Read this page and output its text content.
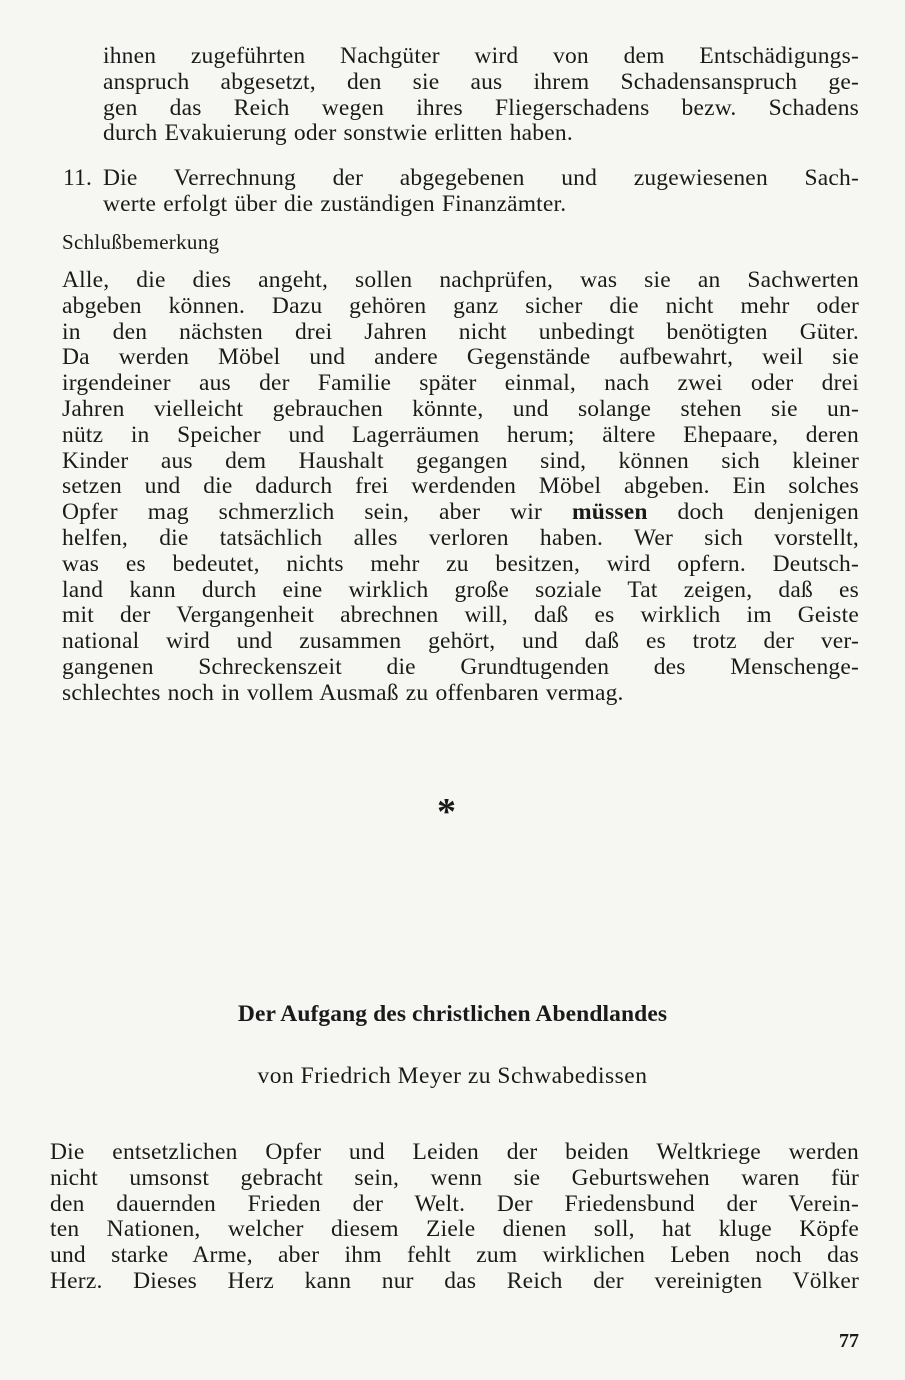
ihnen zugeführten Nachgüter wird von dem Entschädigungs-
anspruch abgesetzt, den sie aus ihrem Schadensanspruch ge-
gen das Reich wegen ihres Fliegerschadens bezw. Schadens
durch Evakuierung oder sonstwie erlitten haben.

11. Die Verrechnung der abgegebenen und zugewiesenen Sach-
werte erfolgt über die zuständigen Finanzämter.

Schlußbemerkung

Alle, die dies angeht, sollen nachprüfen, was sie an Sachwerten
abgeben können. Dazu gehören ganz sicher die nicht mehr oder
in den nächsten drei Jahren nicht unbedingt benötigten Güter.
Da werden Möbel und andere Gegenstände aufbewahrt, weil sie
irgendeiner aus der Familie später einmal, nach zwei oder drei
Jahren vielleicht gebrauchen könnte, und solange stehen sie un-
nütz in Speicher und Lagerräumen herum; ältere Ehepaare, deren
Kinder aus dem Haushalt gegangen sind, können sich kleiner
setzen und die dadurch frei werdenden Möbel abgeben. Ein solches
Opfer mag schmerzlich sein, aber wir müssen doch denjenigen
helfen, die tatsächlich alles verloren haben. Wer sich vorstellt,
was es bedeutet, nichts mehr zu besitzen, wird opfern. Deutsch-
land kann durch eine wirklich große soziale Tat zeigen, daß es
mit der Vergangenheit abrechnen will, daß es wirklich im Geiste
national wird und zusammen gehört, und daß es trotz der ver-
gangenen Schreckenszeit die Grundtugenden des Menschenge-
schlechtes noch in vollem Ausmaß zu offenbaren vermag.

*
Der Aufgang des christlichen Abendlandes
von Friedrich Meyer zu Schwabedissen

Die entsetzlichen Opfer und Leiden der beiden Weltkriege werden
nicht umsonst gebracht sein, wenn sie Geburtswehen waren für
den dauernden Frieden der Welt. Der Friedensbund der Verein-
ten Nationen, welcher diesem Ziele dienen soll, hat kluge Köpfe
und starke Arme, aber ihm fehlt zum wirklichen Leben noch das
Herz. Dieses Herz kann nur das Reich der vereinigten Völker

77
